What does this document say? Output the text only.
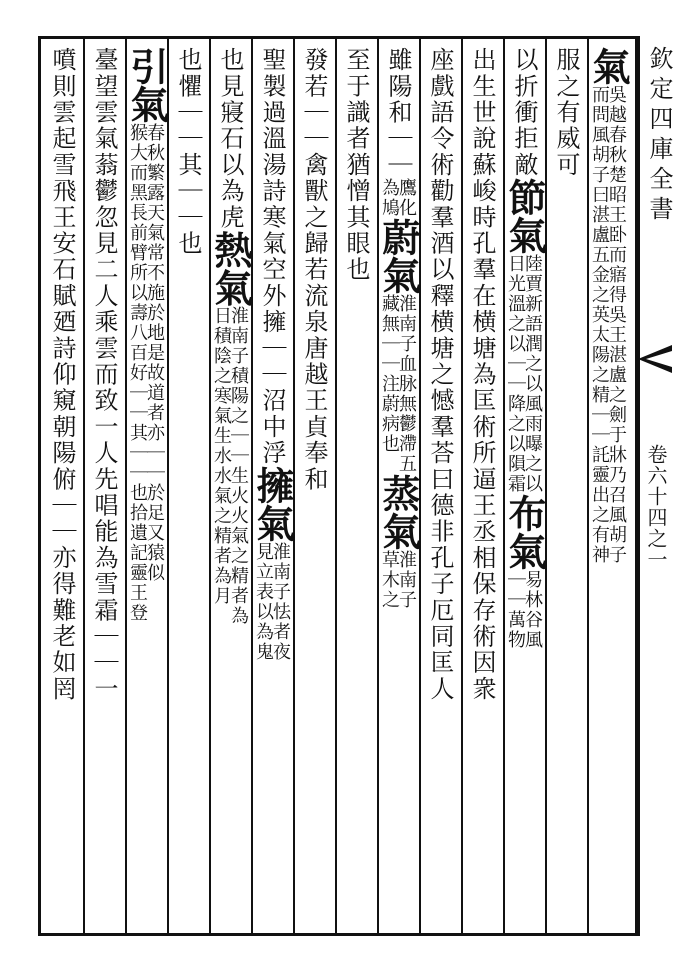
欽定四庫全書
卷六十四之一
氣吳越春秋楚昭王卧而寤得吳王湛盧之劍于牀乃召風胡子
而問風胡子曰湛盧五金之英太陽之精｜｜託靈出之有神
服之有威可
以折衝拒敵節氣陸賈新語潤之以風雨曝之以
日光溫之以｜｜降之以隕霜布氣易林谷風
｜｜萬物
出生世說蘇峻時孔羣在横塘為匡術所逼王丞相保存術因衆
座戲語令術勸羣酒以釋横塘之憾羣荅曰德非孔子厄同匡人
雖陽和｜｜鷹化
為鳩蔚氣淮南子血脉無鬱滯五
藏無｜｜注蔚病也蒸氣淮南子
草木之
至于識者猶憎其眼也
發若｜｜禽獸之歸若流泉唐越王貞奉和
聖製過溫湯詩寒氣空外擁｜｜沼中浮擁氣淮南子怯者夜
見立表以為鬼
也見寢石以為虎熱氣淮南子積陽之｜｜生火火氣之精者為
日積陰之寒氣生水水氣之精者為月
也懼｜｜其｜｜也
引氣春秋繁露天氣常不施於地是故道者亦｜｜於足又猿似
猴大而黑長前臂所以壽八百好｜｜其｜｜也拾遺記靈王登
臺望雲氣蓊鬱忽見二人乘雲而致一人先唱能為雪霜｜｜一
噴則雲起雪飛王安石賦廼詩仰窺朝陽俯｜｜亦得難老如罔
